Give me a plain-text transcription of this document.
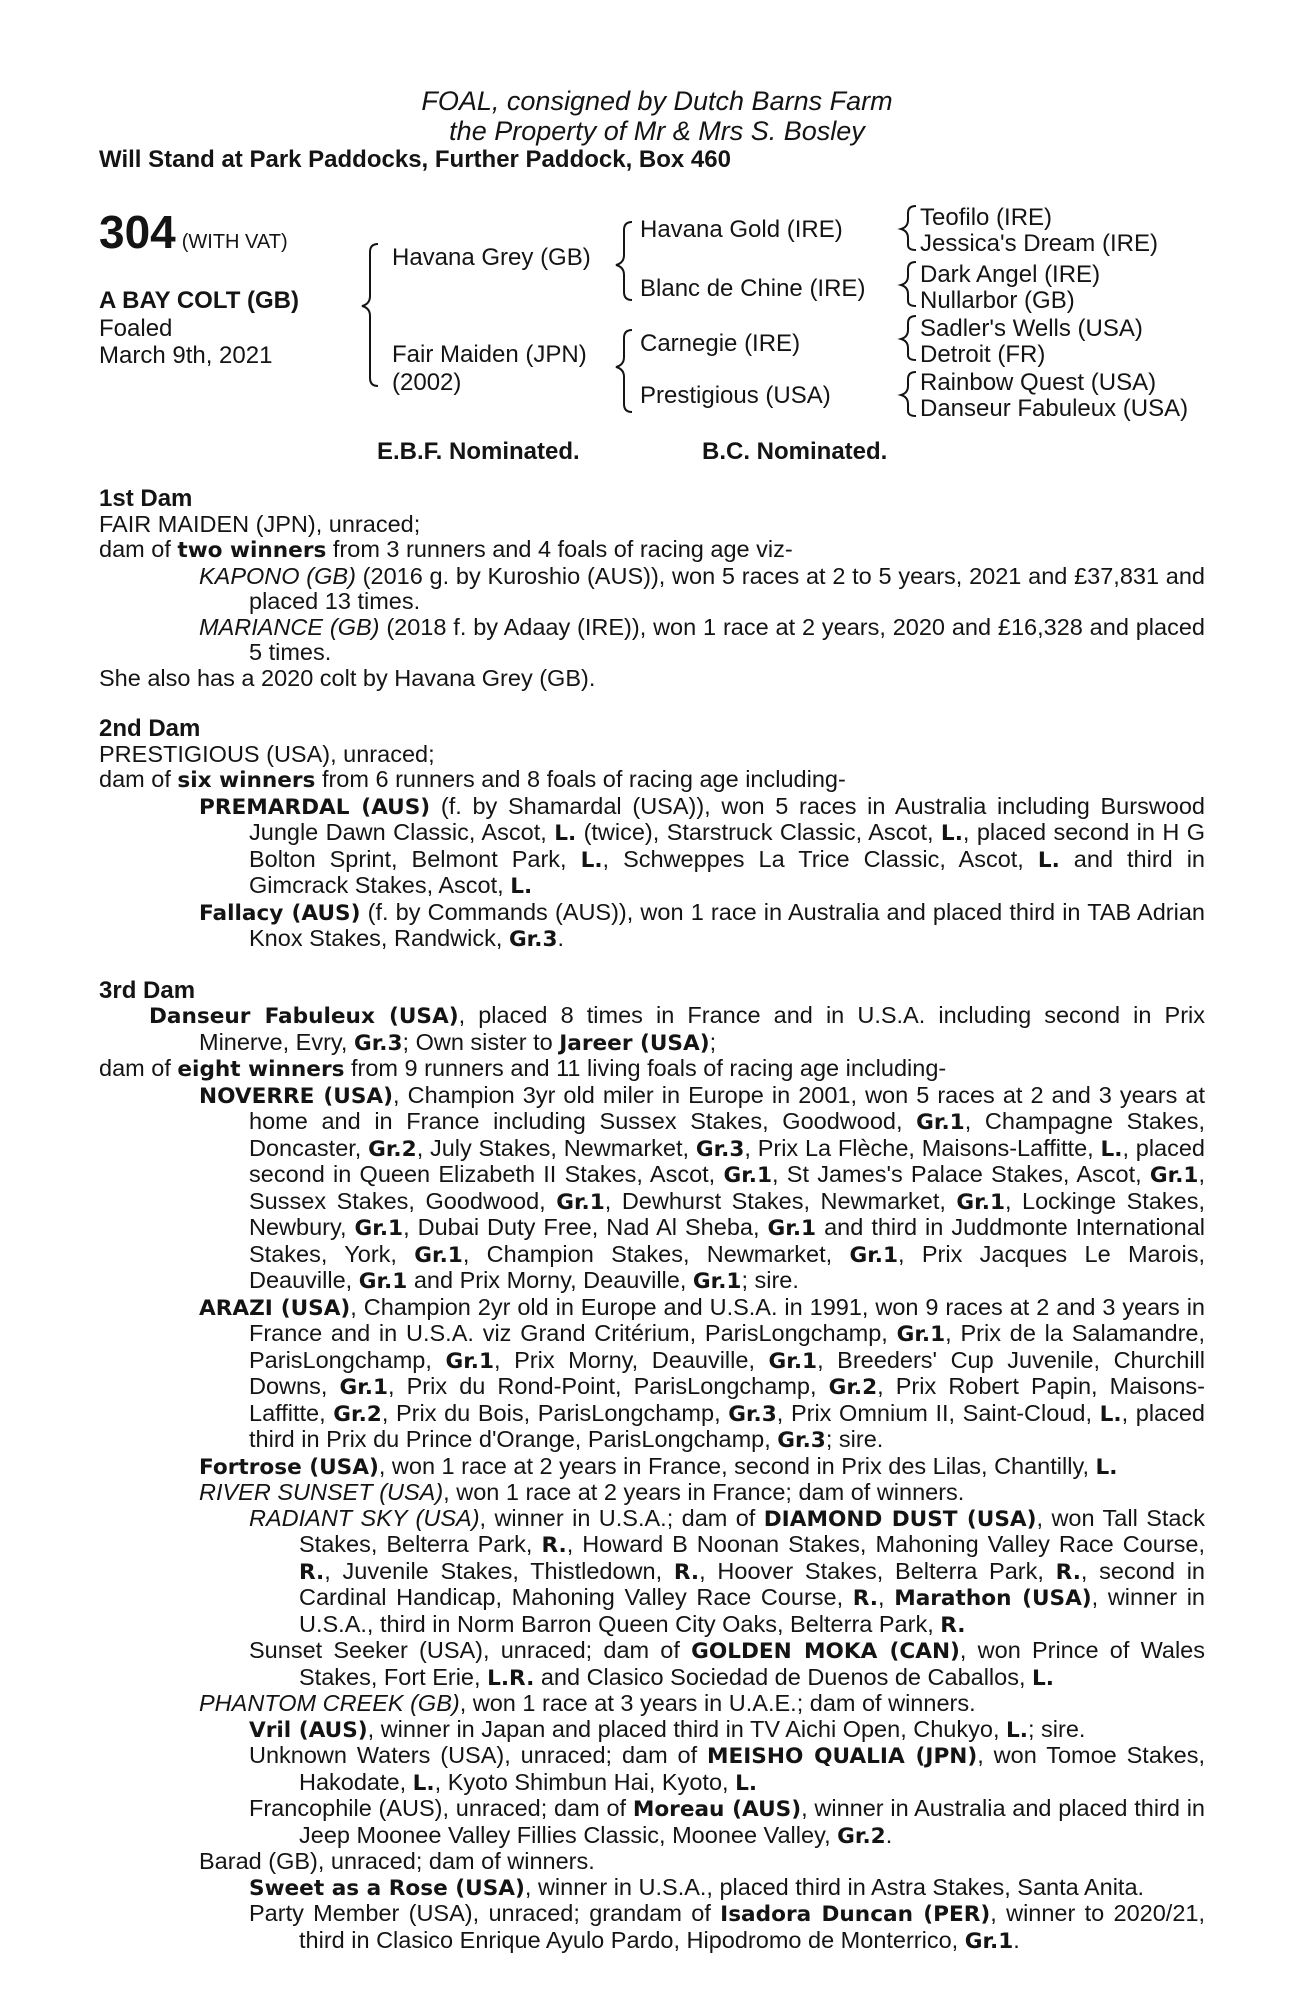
FOAL, consigned by Dutch Barns Farm
the Property of Mr & Mrs S. Bosley
Will Stand at Park Paddocks, Further Paddock, Box 460
304 (WITH VAT)
A BAY COLT (GB)
Foaled
March 9th, 2021
Havana Grey (GB)
Fair Maiden (JPN)
(2002)
Havana Gold (IRE)
Blanc de Chine (IRE)
Carnegie (IRE)
Prestigious (USA)
Teofilo (IRE)
Jessica's Dream (IRE)
Dark Angel (IRE)
Nullarbor (GB)
Sadler's Wells (USA)
Detroit (FR)
Rainbow Quest (USA)
Danseur Fabuleux (USA)
E.B.F. Nominated.	B.C. Nominated.

1st Dam

FAIR MAIDEN (JPN), unraced;

dam of two winners from 3 runners and 4 foals of racing age viz-

KAPONO (GB) (2016 g. by Kuroshio (AUS)), won 5 races at 2 to 5 years, 2021 and £37,831 and placed 13 times.

MARIANCE (GB) (2018 f. by Adaay (IRE)), won 1 race at 2 years, 2020 and £16,328 and placed 5 times.

She also has a 2020 colt by Havana Grey (GB).

2nd Dam

PRESTIGIOUS (USA), unraced;

dam of six winners from 6 runners and 8 foals of racing age including-

PREMARDAL (AUS) (f. by Shamardal (USA)), won 5 races in Australia including Burswood Jungle Dawn Classic, Ascot, L. (twice), Starstruck Classic, Ascot, L., placed second in H G Bolton Sprint, Belmont Park, L., Schweppes La Trice Classic, Ascot, L. and third in Gimcrack Stakes, Ascot, L.

Fallacy (AUS) (f. by Commands (AUS)), won 1 race in Australia and placed third in TAB Adrian Knox Stakes, Randwick, Gr.3.

3rd Dam

Danseur Fabuleux (USA), placed 8 times in France and in U.S.A. including second in Prix Minerve, Evry, Gr.3; Own sister to Jareer (USA);

dam of eight winners from 9 runners and 11 living foals of racing age including-

NOVERRE (USA), Champion 3yr old miler in Europe in 2001, won 5 races at 2 and 3 years at home and in France including Sussex Stakes, Goodwood, Gr.1, Champagne Stakes, Doncaster, Gr.2, July Stakes, Newmarket, Gr.3, Prix La Flèche, Maisons-Laffitte, L., placed second in Queen Elizabeth II Stakes, Ascot, Gr.1, St James's Palace Stakes, Ascot, Gr.1, Sussex Stakes, Goodwood, Gr.1, Dewhurst Stakes, Newmarket, Gr.1, Lockinge Stakes, Newbury, Gr.1, Dubai Duty Free, Nad Al Sheba, Gr.1 and third in Juddmonte International Stakes, York, Gr.1, Champion Stakes, Newmarket, Gr.1, Prix Jacques Le Marois, Deauville, Gr.1 and Prix Morny, Deauville, Gr.1; sire.

ARAZI (USA), Champion 2yr old in Europe and U.S.A. in 1991, won 9 races at 2 and 3 years in France and in U.S.A. viz Grand Critérium, ParisLongchamp, Gr.1, Prix de la Salamandre, ParisLongchamp, Gr.1, Prix Morny, Deauville, Gr.1, Breeders' Cup Juvenile, Churchill Downs, Gr.1, Prix du Rond-Point, ParisLongchamp, Gr.2, Prix Robert Papin, Maisons-Laffitte, Gr.2, Prix du Bois, ParisLongchamp, Gr.3, Prix Omnium II, Saint-Cloud, L., placed third in Prix du Prince d'Orange, ParisLongchamp, Gr.3; sire.

Fortrose (USA), won 1 race at 2 years in France, second in Prix des Lilas, Chantilly, L.

RIVER SUNSET (USA), won 1 race at 2 years in France; dam of winners.

RADIANT SKY (USA), winner in U.S.A.; dam of DIAMOND DUST (USA), won Tall Stack Stakes, Belterra Park, R., Howard B Noonan Stakes, Mahoning Valley Race Course, R., Juvenile Stakes, Thistledown, R., Hoover Stakes, Belterra Park, R., second in Cardinal Handicap, Mahoning Valley Race Course, R., Marathon (USA), winner in U.S.A., third in Norm Barron Queen City Oaks, Belterra Park, R.

Sunset Seeker (USA), unraced; dam of GOLDEN MOKA (CAN), won Prince of Wales Stakes, Fort Erie, L.R. and Clasico Sociedad de Duenos de Caballos, L.

PHANTOM CREEK (GB), won 1 race at 3 years in U.A.E.; dam of winners.

Vril (AUS), winner in Japan and placed third in TV Aichi Open, Chukyo, L.; sire.

Unknown Waters (USA), unraced; dam of MEISHO QUALIA (JPN), won Tomoe Stakes, Hakodate, L., Kyoto Shimbun Hai, Kyoto, L.

Francophile (AUS), unraced; dam of Moreau (AUS), winner in Australia and placed third in Jeep Moonee Valley Fillies Classic, Moonee Valley, Gr.2.

Barad (GB), unraced; dam of winners.

Sweet as a Rose (USA), winner in U.S.A., placed third in Astra Stakes, Santa Anita.

Party Member (USA), unraced; grandam of Isadora Duncan (PER), winner to 2020/21, third in Clasico Enrique Ayulo Pardo, Hipodromo de Monterrico, Gr.1.
